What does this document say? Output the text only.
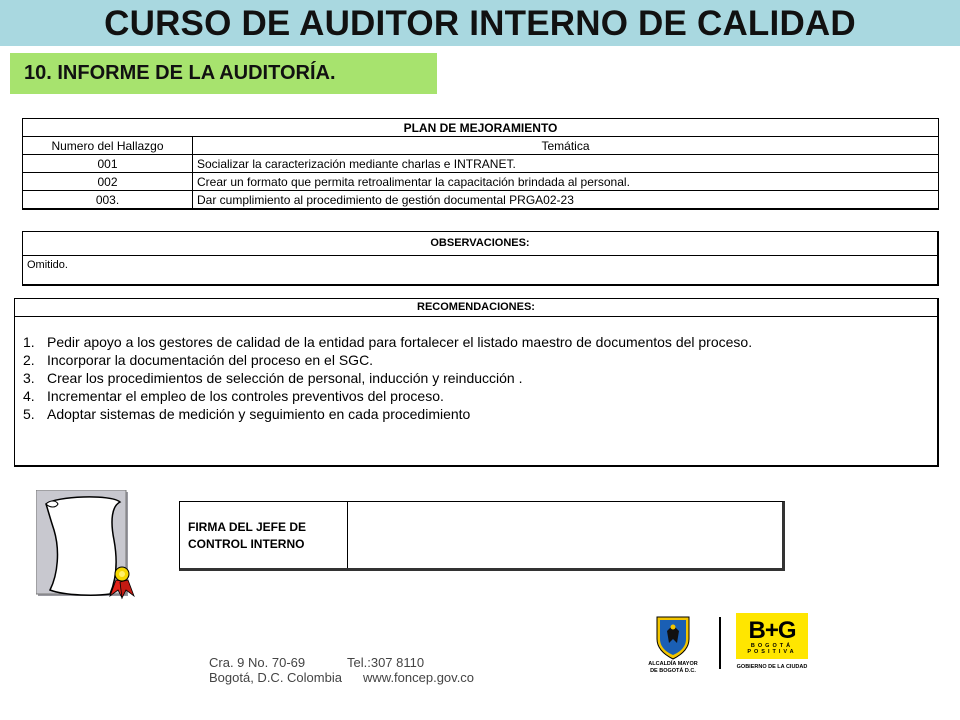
CURSO DE AUDITOR INTERNO DE CALIDAD
10. INFORME DE LA AUDITORÍA.
PLAN DE MEJORAMIENTO	
Numero del Hallazgo	Temática
001	Socializar la caracterización mediante charlas e INTRANET.
002	Crear un formato que permita retroalimentar la capacitación brindada al personal.
003.	Dar cumplimiento al procedimiento de gestión documental PRGA02-23
OBSERVACIONES:
Omitido.
RECOMENDACIONES:
1. Pedir apoyo a los gestores de calidad de la entidad para fortalecer el listado maestro de documentos del proceso.
2. Incorporar la documentación del proceso en el SGC.
3. Crear los procedimientos de selección de personal, inducción y reinducción .
4. Incrementar el empleo de los controles preventivos del proceso.
5. Adoptar sistemas de medición y seguimiento en cada procedimiento
FIRMA DEL JEFE DE
CONTROL INTERNO
Cra. 9 No. 70-69	Tel.:307 8110
Bogotá, D.C. Colombia www.foncep.gov.co
ALCALDÍA MAYOR
DE BOGOTÁ D.C.
B+G
BOGOTÁ
POSITIVA
GOBIERNO DE LA CIUDAD
